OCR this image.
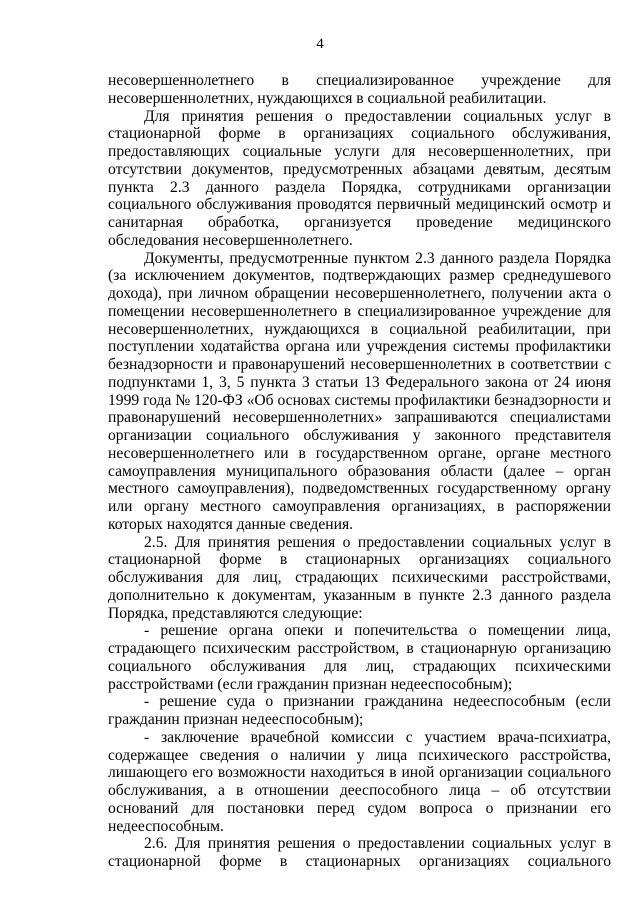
4

несовершеннолетнего в специализированное учреждение для несовершеннолетних, нуждающихся в социальной реабилитации.

Для принятия решения о предоставлении социальных услуг в стационарной форме в организациях социального обслуживания, предоставляющих социальные услуги для несовершеннолетних, при отсутствии документов, предусмотренных абзацами девятым, десятым пункта 2.3 данного раздела Порядка, сотрудниками организации социального обслуживания проводятся первичный медицинский осмотр и санитарная обработка, организуется проведение медицинского обследования несовершеннолетнего.

Документы, предусмотренные пунктом 2.3 данного раздела Порядка (за исключением документов, подтверждающих размер среднедушевого дохода), при личном обращении несовершеннолетнего, получении акта о помещении несовершеннолетнего в специализированное учреждение для несовершеннолетних, нуждающихся в социальной реабилитации, при поступлении ходатайства органа или учреждения системы профилактики безнадзорности и правонарушений несовершеннолетних в соответствии с подпунктами 1, 3, 5 пункта 3 статьи 13 Федерального закона от 24 июня 1999 года № 120-ФЗ «Об основах системы профилактики безнадзорности и правонарушений несовершеннолетних» запрашиваются специалистами организации социального обслуживания у законного представителя несовершеннолетнего или в государственном органе, органе местного самоуправления муниципального образования области (далее – орган местного самоуправления), подведомственных государственному органу или органу местного самоуправления организациях, в распоряжении которых находятся данные сведения.

2.5. Для принятия решения о предоставлении социальных услуг в стационарной форме в стационарных организациях социального обслуживания для лиц, страдающих психическими расстройствами, дополнительно к документам, указанным в пункте 2.3 данного раздела Порядка, представляются следующие:

- решение органа опеки и попечительства о помещении лица, страдающего психическим расстройством, в стационарную организацию социального обслуживания для лиц, страдающих психическими расстройствами (если гражданин признан недееспособным);

- решение суда о признании гражданина недееспособным (если гражданин признан недееспособным);

- заключение врачебной комиссии с участием врача-психиатра, содержащее сведения о наличии у лица психического расстройства, лишающего его возможности находиться в иной организации социального обслуживания, а в отношении дееспособного лица – об отсутствии оснований для постановки перед судом вопроса о признании его недееспособным.

2.6. Для принятия решения о предоставлении социальных услуг в стационарной форме в стационарных организациях социального
